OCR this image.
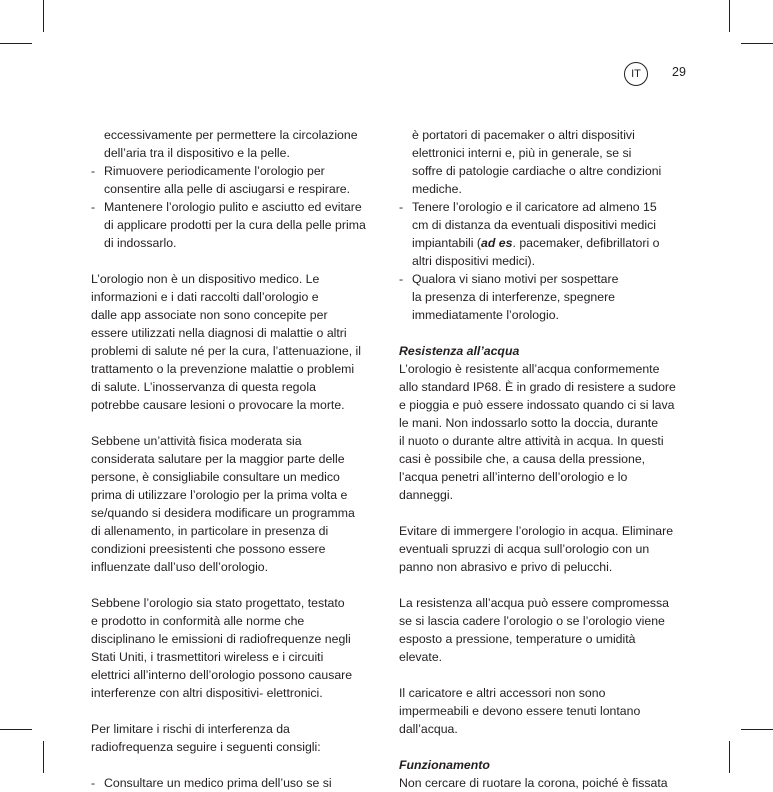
IT	29
eccessivamente per permettere la circolazione
dell’aria tra il dispositivo e la pelle.
- Rimuovere periodicamente l’orologio per
consentire alla pelle di asciugarsi e respirare.
- Mantenere l’orologio pulito e asciutto ed evitare
di applicare prodotti per la cura della pelle prima
di indossarlo.
L’orologio non è un dispositivo medico. Le
informazioni e i dati raccolti dall’orologio e
dalle app associate non sono concepite per
essere utilizzati nella diagnosi di malattie o altri
problemi di salute né per la cura, l’attenuazione, il
trattamento o la prevenzione malattie o problemi
di salute. L’inosservanza di questa regola
potrebbe causare lesioni o provocare la morte.
Sebbene un’attività fisica moderata sia
considerata salutare per la maggior parte delle
persone, è consigliabile consultare un medico
prima di utilizzare l’orologio per la prima volta e
se/quando si desidera modificare un programma
di allenamento, in particolare in presenza di
condizioni preesistenti che possono essere
influenzate dall’uso dell’orologio.
Sebbene l’orologio sia stato progettato, testato
e prodotto in conformità alle norme che
disciplinano le emissioni di radiofrequenze negli
Stati Uniti, i trasmettitori wireless e i circuiti
elettrici all’interno dell’orologio possono causare
interferenze con altri dispositivi- elettronici.
Per limitare i rischi di interferenza da
radiofrequenza seguire i seguenti consigli:
- Consultare un medico prima dell’uso se si
è portatori di pacemaker o altri dispositivi
elettronici interni e, più in generale, se si
soffre di patologie cardiache o altre condizioni
mediche.
- Tenere l’orologio e il caricatore ad almeno 15
cm di distanza da eventuali dispositivi medici
impiantabili (ad es. pacemaker, defibrillatori o
altri dispositivi medici).
- Qualora vi siano motivi per sospettare
la presenza di interferenze, spegnere
immediatamente l’orologio.
Resistenza all’acqua
L’orologio è resistente all’acqua conformemente
allo standard IP68. È in grado di resistere a sudore
e pioggia e può essere indossato quando ci si lava
le mani. Non indossarlo sotto la doccia, durante
il nuoto o durante altre attività in acqua. In questi
casi è possibile che, a causa della pressione,
l’acqua penetri all’interno dell’orologio e lo
danneggi.
Evitare di immergere l’orologio in acqua. Eliminare
eventuali spruzzi di acqua sull’orologio con un
panno non abrasivo e privo di pelucchi.
La resistenza all’acqua può essere compromessa
se si lascia cadere l’orologio o se l’orologio viene
esposto a pressione, temperature o umidità
elevate.
Il caricatore e altri accessori non sono
impermeabili e devono essere tenuti lontano
dall’acqua.
Funzionamento
Non cercare di ruotare la corona, poiché è fissata
